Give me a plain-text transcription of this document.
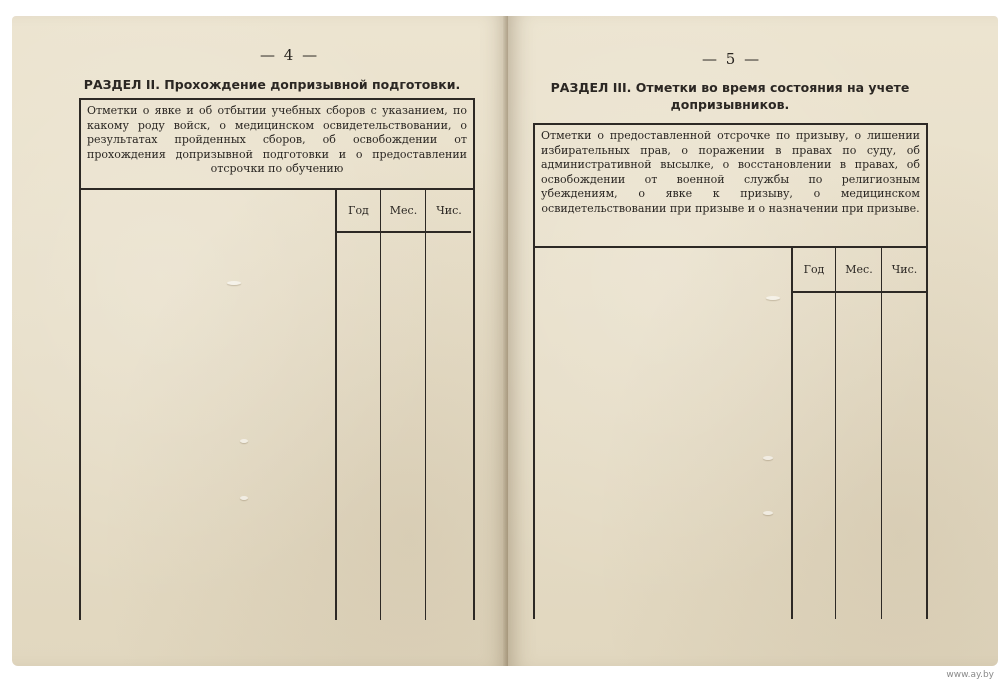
— 4 —
РАЗДЕЛ II. Прохождение допризывной подготовки.
Отметки о явке и об отбытии учебных сборов с указанием, по какому роду войск, о медицинском освидетельствовании, о результатах пройденных сборов, об освобождении от прохождения допризывной подготовки и о предоставлении отсрочки по обучению
Год	Мес.	Чис.
— 5 —
РАЗДЕЛ III. Отметки во время состояния на учете допризывников.
Отметки о предоставленной отсрочке по призыву, о лишении избирательных прав, о поражении в правах по суду, об административной высылке, о восстановлении в правах, об освобождении от военной службы по религиозным убеждениям, о явке к призыву, о медицинском освидетельствовании при призыве и о назначении при призыве.
Год	Мес.	Чис.
www.ay.by
